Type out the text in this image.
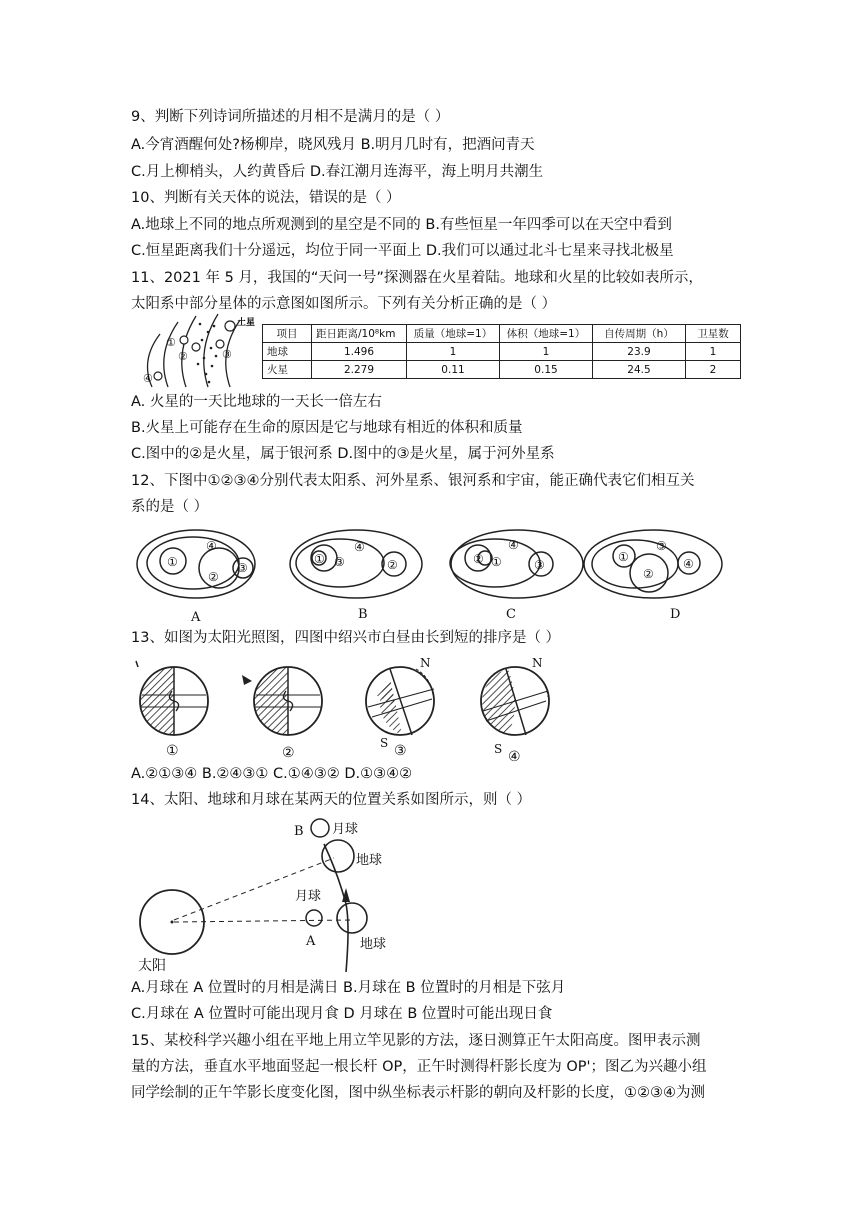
9、判断下列诗词所描述的月相不是满月的是（ ）
A.今宵酒醒何处?杨柳岸，晓风残月 B.明月几时有，把酒问青天
C.月上柳梢头，人约黄昏后 D.春江潮月连海平，海上明月共潮生
10、判断有关天体的说法，错误的是（ ）
A.地球上不同的地点所观测到的星空是不同的 B.有些恒星一年四季可以在天空中看到
C.恒星距离我们十分遥远，均位于同一平面上 D.我们可以通过北斗七星来寻找北极星
11、2021 年 5 月，我国的“天问一号”探测器在火星着陆。地球和火星的比较如表所示，
太阳系中部分星体的示意图如图所示。下列有关分析正确的是（ ）
土星
①
②	③
④
项目	距日距离/10⁸km	质量（地球=1）	体积（地球=1）	自传周期（h）	卫星数
地球	1.496	1	1	23.9	1
火星	2.279	0.11	0.15	24.5	2
A. 火星的一天比地球的一天长一倍左右
B.火星上可能存在生命的原因是它与地球有相近的体积和质量
C.图中的②是火星，属于银河系 D.图中的③是火星，属于河外星系
12、下图中①②③④分别代表太阳系、河外星系、银河系和宇宙，能正确代表它们相互关
系的是（ ）
①
④
②
③
① ③
④
②	② ①
④
③
①
③
②
④
A	B	C	D
13、如图为太阳光照图，四图中绍兴市白昼由长到短的排序是（ ）
N
S
N
S
①	②	③	④
A.②①③④ B.②④③① C.①④③② D.①③④②
14、太阳、地球和月球在某两天的位置关系如图所示，则（ ）
B 月球
地球
月球
A	地球
太阳
A.月球在 A 位置时的月相是满日 B.月球在 B 位置时的月相是下弦月
C.月球在 A 位置时可能出现月食 D 月球在 B 位置时可能出现日食
15、某校科学兴趣小组在平地上用立竿见影的方法，逐日测算正午太阳高度。图甲表示测
量的方法，垂直水平地面竖起一根长杆 OP，正午时测得杆影长度为 OP'；图乙为兴趣小组
同学绘制的正午竿影长度变化图，图中纵坐标表示杆影的朝向及杆影的长度，①②③④为测
